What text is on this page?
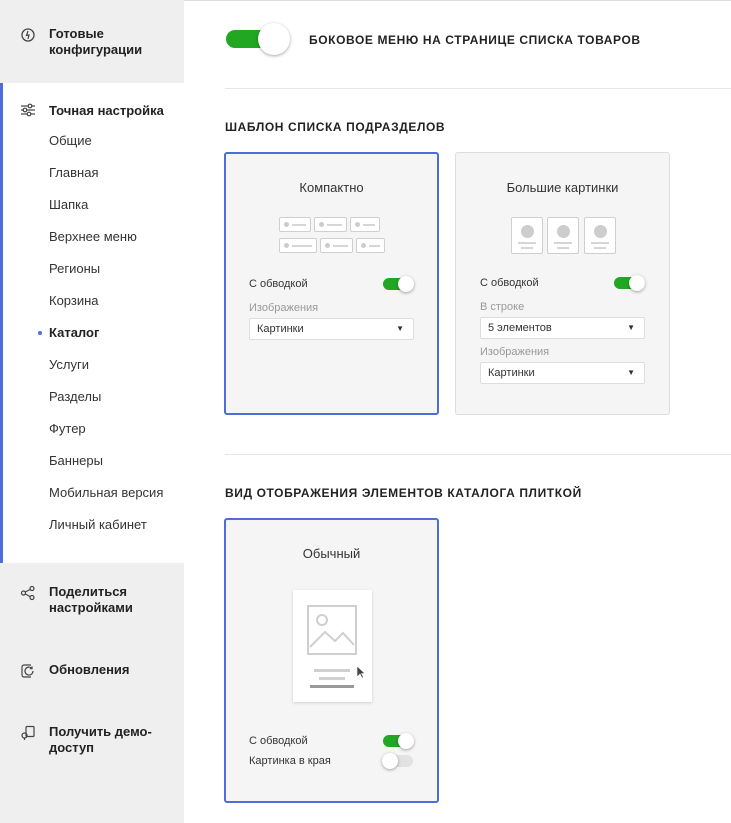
Готовые конфигурации
Точная настройка
Общие
Главная
Шапка
Верхнее меню
Регионы
Корзина
Каталог
Услуги
Разделы
Футер
Баннеры
Мобильная версия
Личный кабинет
Поделиться настройками
Обновления
Получить демо-доступ
БОКОВОЕ МЕНЮ НА СТРАНИЦЕ СПИСКА ТОВАРОВ
ШАБЛОН СПИСКА ПОДРАЗДЕЛОВ
Компактно
С обводкой
Изображения
Картинки	▼
Большие картинки
С обводкой
В строке
5 элементов	▼
Изображения
Картинки	▼
ВИД ОТОБРАЖЕНИЯ ЭЛЕМЕНТОВ КАТАЛОГА ПЛИТКОЙ
Обычный
С обводкой
Картинка в края
